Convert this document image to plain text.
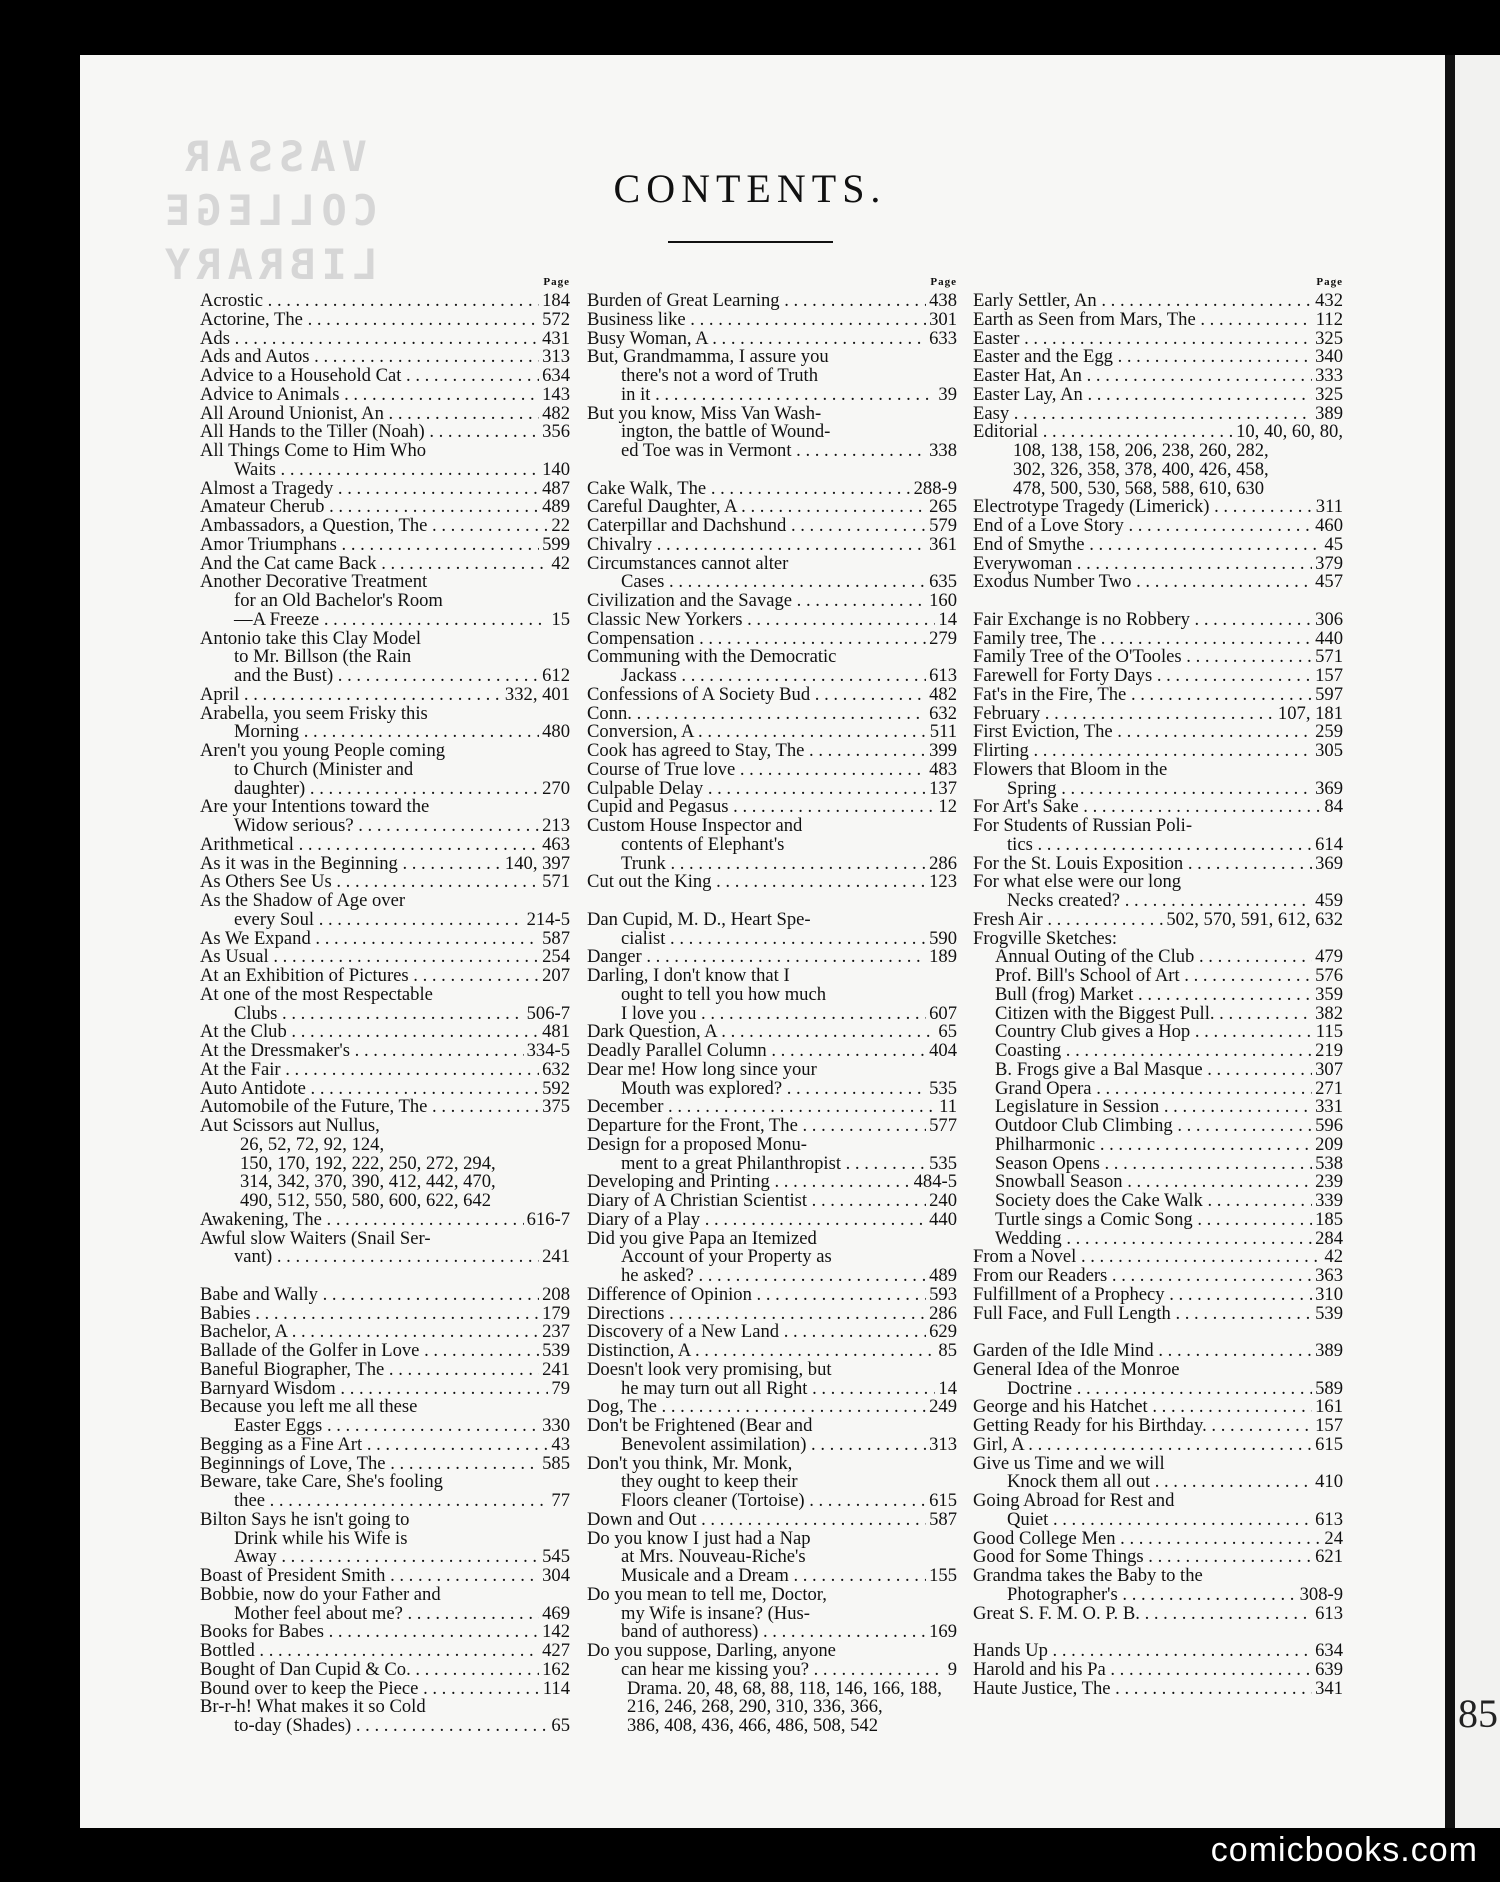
VASSAR
COLLEGE
LIBRARY
CONTENTS.
Page
Acrostic . . .	184
Actorine, The . . .	572
Ads . . .	431
Ads and Autos . . .	313
Advice to a Household Cat . . .	634
Advice to Animals . . .	143
All Around Unionist, An . . .	482
All Hands to the Tiller (Noah) . . .	356
All Things Come to Him Who
Waits . . .	140
Almost a Tragedy . . .	487
Amateur Cherub . . .	489
Ambassadors, a Question, The . . .	22
Amor Triumphans . . .	599
And the Cat came Back . . .	42
Another Decorative Treatment
for an Old Bachelor's Room
—A Freeze . . .	15
Antonio take this Clay Model
to Mr. Billson (the Rain
and the Bust) . . .	612
April . . .	332, 401
Arabella, you seem Frisky this
Morning . . .	480
Aren't you young People coming
to Church (Minister and
daughter) . . .	270
Are your Intentions toward the
Widow serious? . . .	213
Arithmetical . . .	463
As it was in the Beginning . . .	140, 397
As Others See Us . . .	571
As the Shadow of Age over
every Soul . . .	214-5
As We Expand . . .	587
As Usual . . .	254
At an Exhibition of Pictures . . .	207
At one of the most Respectable
Clubs . . .	506-7
At the Club . . .	481
At the Dressmaker's . . .	334-5
At the Fair . . .	632
Auto Antidote . . .	592
Automobile of the Future, The . . .	375
Aut Scissors aut Nullus,
26, 52, 72, 92, 124,
150, 170, 192, 222, 250, 272, 294,
314, 342, 370, 390, 412, 442, 470,
490, 512, 550, 580, 600, 622, 642
Awakening, The . . .	616-7
Awful slow Waiters (Snail Ser-
vant) . . .	241
Babe and Wally . . .	208
Babies . . .	179
Bachelor, A . . .	237
Ballade of the Golfer in Love . . .	539
Baneful Biographer, The . . .	241
Barnyard Wisdom . . .	79
Because you left me all these
Easter Eggs . . .	330
Begging as a Fine Art . . .	43
Beginnings of Love, The . . .	585
Beware, take Care, She's fooling
thee . . .	77
Bilton Says he isn't going to
Drink while his Wife is
Away . . .	545
Boast of President Smith . . .	304
Bobbie, now do your Father and
Mother feel about me? . . .	469
Books for Babes . . .	142
Bottled . . .	427
Bought of Dan Cupid & Co. . . .	162
Bound over to keep the Piece . . .	114
Br-r-h! What makes it so Cold
to-day (Shades) . . .	65
Page
Burden of Great Learning . . .	438
Business like . . .	301
Busy Woman, A . . .	633
But, Grandmamma, I assure you
there's not a word of Truth
in it . . .	39
But you know, Miss Van Wash-
ington, the battle of Wound-
ed Toe was in Vermont . . .	338
Cake Walk, The . . .	288-9
Careful Daughter, A . . .	265
Caterpillar and Dachshund . . .	579
Chivalry . . .	361
Circumstances cannot alter
Cases . . .	635
Civilization and the Savage . . .	160
Classic New Yorkers . . .	14
Compensation . . .	279
Communing with the Democratic
Jackass . . .	613
Confessions of A Society Bud . . .	482
Conn. . . .	632
Conversion, A . . .	511
Cook has agreed to Stay, The . . .	399
Course of True love . . .	483
Culpable Delay . . .	137
Cupid and Pegasus . . .	12
Custom House Inspector and
contents of Elephant's
Trunk . . .	286
Cut out the King . . .	123
Dan Cupid, M. D., Heart Spe-
cialist . . .	590
Danger . . .	189
Darling, I don't know that I
ought to tell you how much
I love you . . .	607
Dark Question, A . . .	65
Deadly Parallel Column . . .	404
Dear me! How long since your
Mouth was explored? . . .	535
December . . .	11
Departure for the Front, The . . .	577
Design for a proposed Monu-
ment to a great Philanthropist . . .	535
Developing and Printing . . .	484-5
Diary of A Christian Scientist . . .	240
Diary of a Play . . .	440
Did you give Papa an Itemized
Account of your Property as
he asked? . . .	489
Difference of Opinion . . .	593
Directions . . .	286
Discovery of a New Land . . .	629
Distinction, A . . .	85
Doesn't look very promising, but
he may turn out all Right . . .	14
Dog, The . . .	249
Don't be Frightened (Bear and
Benevolent assimilation) . . .	313
Don't you think, Mr. Monk,
they ought to keep their
Floors cleaner (Tortoise) . . .	615
Down and Out . . .	587
Do you know I just had a Nap
at Mrs. Nouveau-Riche's
Musicale and a Dream . . .	155
Do you mean to tell me, Doctor,
my Wife is insane? (Hus-
band of authoress) . . .	169
Do you suppose, Darling, anyone
can hear me kissing you? . . .	9
Drama. 20, 48, 68, 88, 118, 146, 166, 188,
216, 246, 268, 290, 310, 336, 366,
386, 408, 436, 466, 486, 508, 542
Page
Early Settler, An . . .	432
Earth as Seen from Mars, The . . .	112
Easter . . .	325
Easter and the Egg . . .	340
Easter Hat, An . . .	333
Easter Lay, An . . .	325
Easy . . .	389
Editorial . . .	10, 40, 60, 80,
108, 138, 158, 206, 238, 260, 282,
302, 326, 358, 378, 400, 426, 458,
478, 500, 530, 568, 588, 610, 630
Electrotype Tragedy (Limerick) . . .	311
End of a Love Story . . .	460
End of Smythe . . .	45
Everywoman . . .	379
Exodus Number Two . . .	457
Fair Exchange is no Robbery . . .	306
Family tree, The . . .	440
Family Tree of the O'Tooles . . .	571
Farewell for Forty Days . . .	157
Fat's in the Fire, The . . .	597
February . . .	107, 181
First Eviction, The . . .	259
Flirting . . .	305
Flowers that Bloom in the
Spring . . .	369
For Art's Sake . . .	84
For Students of Russian Poli-
tics . . .	614
For the St. Louis Exposition . . .	369
For what else were our long
Necks created? . . .	459
Fresh Air . . .	502, 570, 591, 612, 632
Frogville Sketches:
Annual Outing of the Club . . .	479
Prof. Bill's School of Art . . .	576
Bull (frog) Market . . .	359
Citizen with the Biggest Pull. . . .	382
Country Club gives a Hop . . .	115
Coasting . . .	219
B. Frogs give a Bal Masque . . .	307
Grand Opera . . .	271
Legislature in Session . . .	331
Outdoor Club Climbing . . .	596
Philharmonic . . .	209
Season Opens . . .	538
Snowball Season . . .	239
Society does the Cake Walk . . .	339
Turtle sings a Comic Song . . .	185
Wedding . . .	284
From a Novel . . .	42
From our Readers . . .	363
Fulfillment of a Prophecy . . .	310
Full Face, and Full Length . . .	539
Garden of the Idle Mind . . .	389
General Idea of the Monroe
Doctrine . . .	589
George and his Hatchet . . .	161
Getting Ready for his Birthday. . . .	157
Girl, A . . .	615
Give us Time and we will
Knock them all out . . .	410
Going Abroad for Rest and
Quiet . . .	613
Good College Men . . .	24
Good for Some Things . . .	621
Grandma takes the Baby to the
Photographer's . . .	308-9
Great S. F. M. O. P. B. . . .	613
Hands Up . . .	634
Harold and his Pa . . .	639
Haute Justice, The . . .	341
85
comicbooks.com
